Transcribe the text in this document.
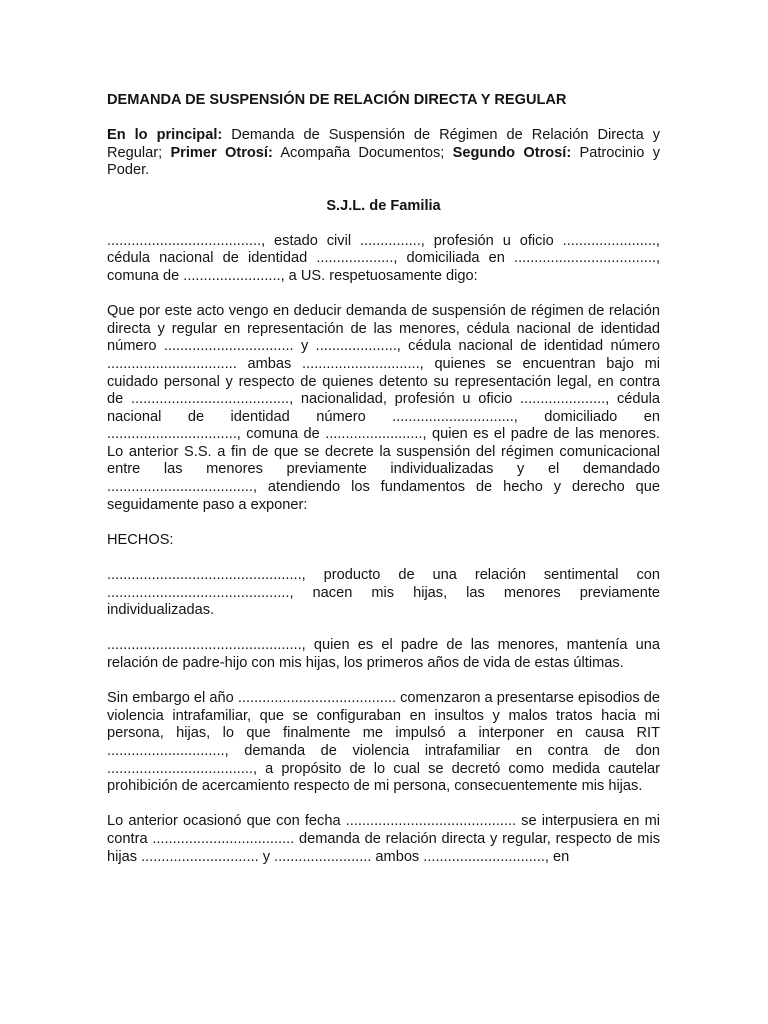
DEMANDA DE SUSPENSIÓN DE RELACIÓN DIRECTA Y REGULAR

En lo principal: Demanda de Suspensión de Régimen de Relación Directa y Regular; Primer Otrosí: Acompaña Documentos; Segundo Otrosí: Patrocinio y Poder.

S.J.L. de Familia

......................................, estado civil ..............., profesión u oficio ......................., cédula nacional de identidad ..................., domiciliada en ..................................., comuna de ........................, a US. respetuosamente digo:

Que por este acto vengo en deducir demanda de suspensión de régimen de relación directa y regular en representación de las menores, cédula nacional de identidad número ................................ y ...................., cédula nacional de identidad número ................................ ambas ............................., quienes se encuentran bajo mi cuidado personal y respecto de quienes detento su representación legal, en contra de ......................................., nacionalidad, profesión u oficio ....................., cédula nacional de identidad número .............................., domiciliado en ................................, comuna de ........................, quien es el padre de las menores. Lo anterior S.S. a fin de que se decrete la suspensión del régimen comunicacional entre las menores previamente individualizadas y el demandado ...................................., atendiendo los fundamentos de hecho y derecho que seguidamente paso a exponer:

HECHOS:

................................................, producto de una relación sentimental con ............................................., nacen mis hijas, las menores previamente individualizadas.

................................................, quien es el padre de las menores, mantenía una relación de padre-hijo con mis hijas, los primeros años de vida de estas últimas.

Sin embargo el año ....................................... comenzaron a presentarse episodios de violencia intrafamiliar, que se configuraban en insultos y malos tratos hacia mi persona, hijas, lo que finalmente me impulsó a interponer en causa RIT ............................., demanda de violencia intrafamiliar en contra de don ...................................., a propósito de lo cual se decretó como medida cautelar prohibición de acercamiento respecto de mi persona, consecuentemente mis hijas.

Lo anterior ocasionó que con fecha .......................................... se interpusiera en mi contra ................................... demanda de relación directa y regular, respecto de mis hijas ............................. y ........................ ambos .............................., en
